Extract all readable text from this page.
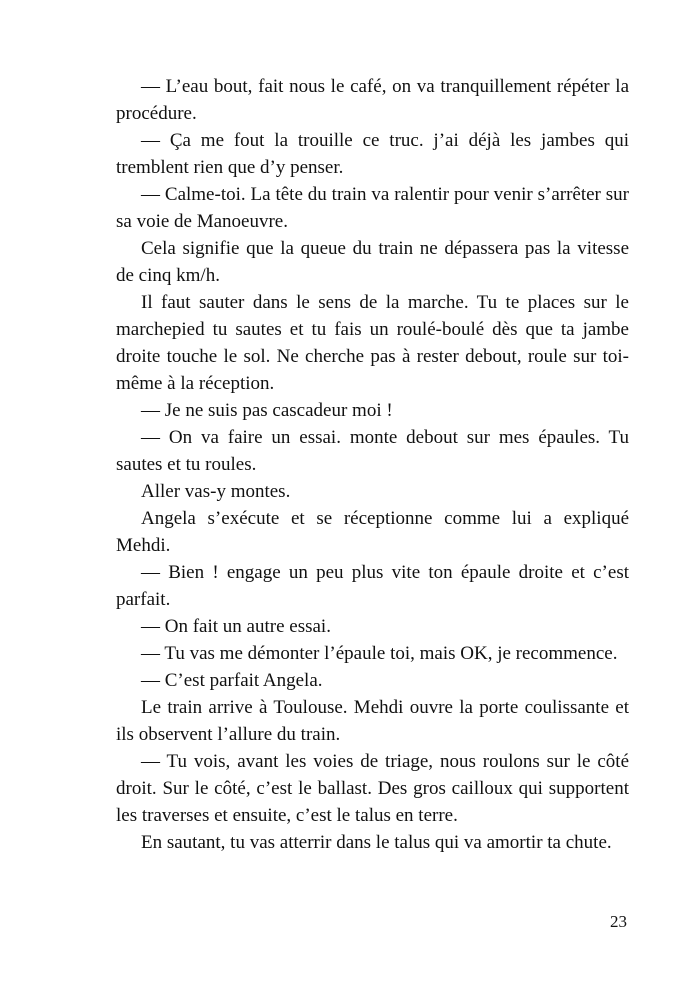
— L’eau bout, fait nous le café, on va tranquillement répéter la procédure.

— Ça me fout la trouille ce truc. j’ai déjà les jambes qui tremblent rien que d’y penser.

— Calme-toi. La tête du train va ralentir pour venir s’arrêter sur sa voie de Manoeuvre.

Cela signifie que la queue du train ne dépassera pas la vitesse de cinq km/h.

Il faut sauter dans le sens de la marche. Tu te places sur le marchepied tu sautes et tu fais un roulé-boulé dès que ta jambe droite touche le sol. Ne cherche pas à rester debout, roule sur toi-même à la réception.

— Je ne suis pas cascadeur moi !

— On va faire un essai. monte debout sur mes épaules. Tu sautes et tu roules.

Aller vas-y montes.

Angela s’exécute et se réceptionne comme lui a expliqué Mehdi.

— Bien ! engage un peu plus vite ton épaule droite et c’est parfait.

— On fait un autre essai.

— Tu vas me démonter l’épaule toi, mais OK, je recommence.

— C’est parfait Angela.

Le train arrive à Toulouse. Mehdi ouvre la porte coulissante et ils observent l’allure du train.

— Tu vois, avant les voies de triage, nous roulons sur le côté droit. Sur le côté, c’est le ballast. Des gros cailloux qui supportent les traverses et ensuite, c’est le talus en terre.

En sautant, tu vas atterrir dans le talus qui va amortir ta chute.

23
